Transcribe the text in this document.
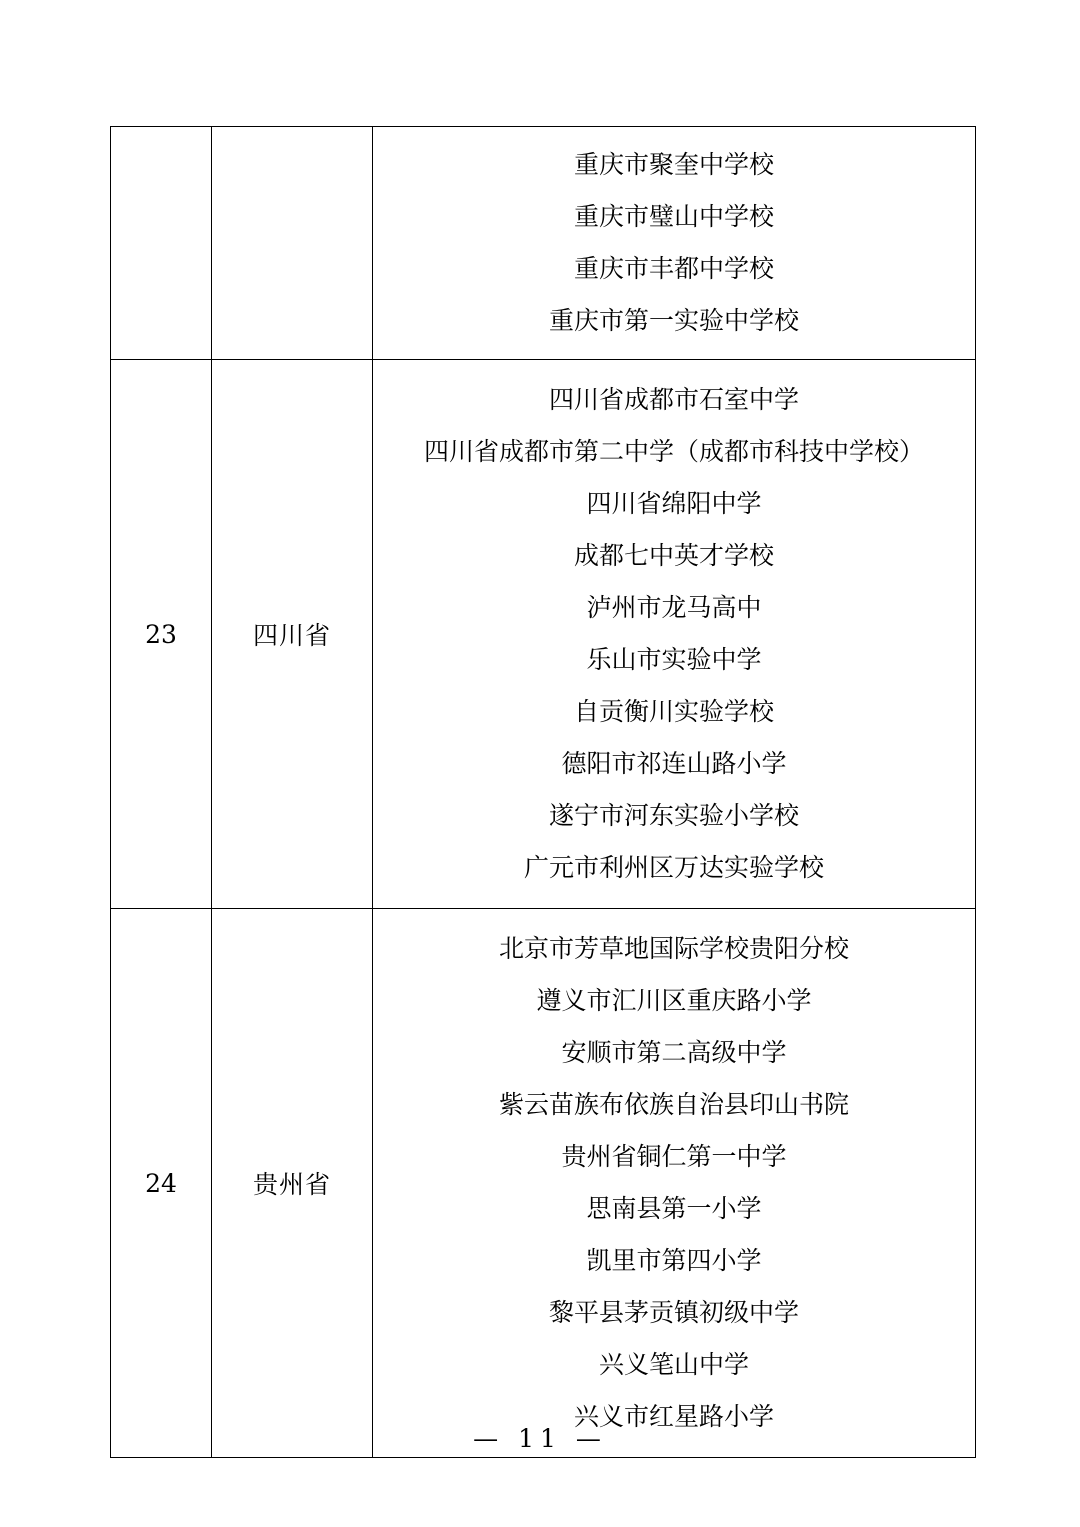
重庆市聚奎中学校
重庆市璧山中学校
重庆市丰都中学校
重庆市第一实验中学校

23	四川省	
四川省成都市石室中学
四川省成都市第二中学（成都市科技中学校）
四川省绵阳中学
成都七中英才学校
泸州市龙马高中
乐山市实验中学
自贡衡川实验学校
德阳市祁连山路小学
遂宁市河东实验小学校
广元市利州区万达实验学校

24	贵州省	
北京市芳草地国际学校贵阳分校
遵义市汇川区重庆路小学
安顺市第二高级中学
紫云苗族布依族自治县印山书院
贵州省铜仁第一中学
思南县第一小学
凯里市第四小学
黎平县茅贡镇初级中学
兴义笔山中学
兴义市红星路小学
— 11 —
